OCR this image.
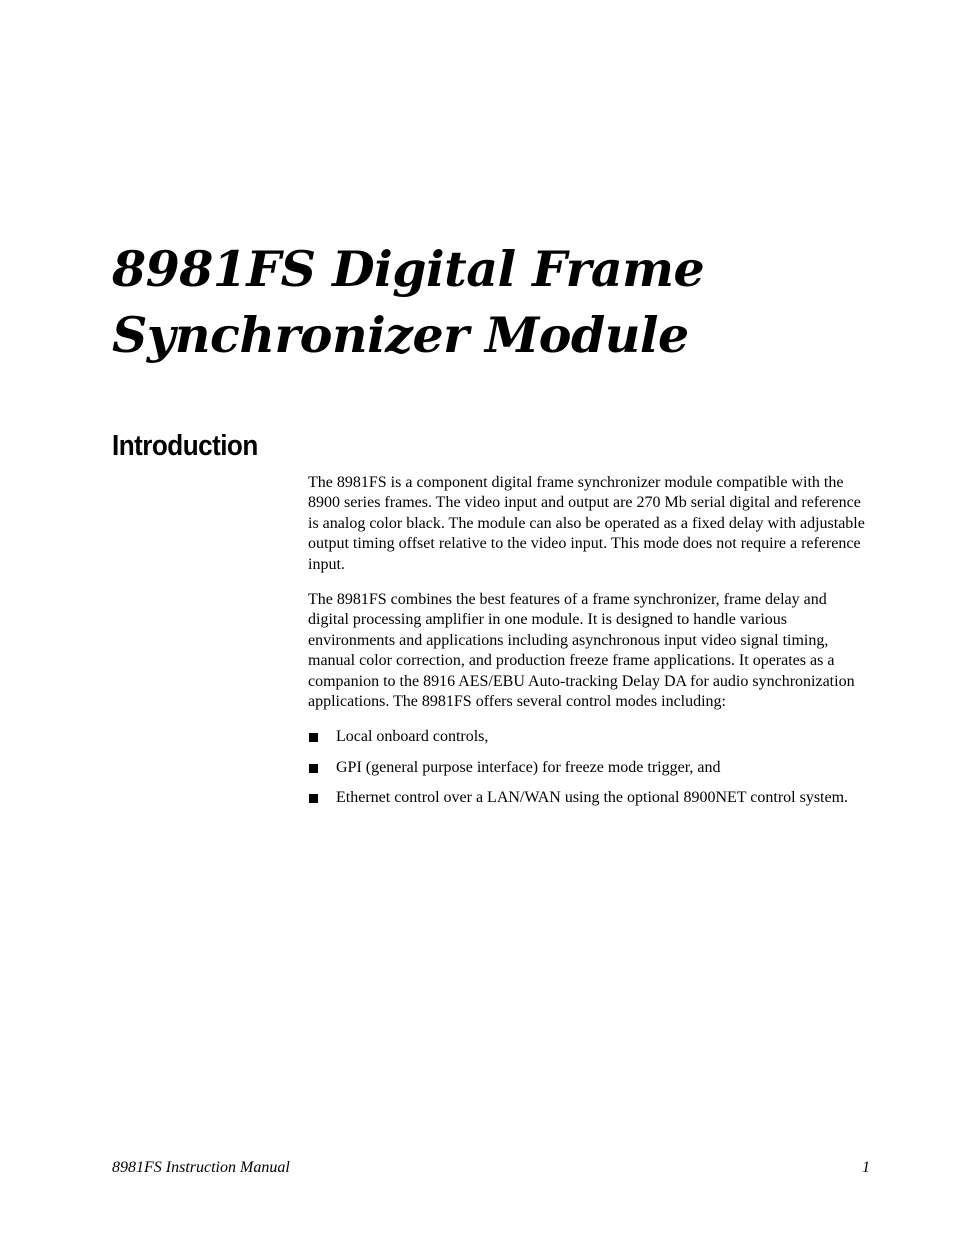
8981FS Digital Frame
Synchronizer Module
Introduction

The 8981FS is a component digital frame synchronizer module compatible with the 8900 series frames. The video input and output are 270 Mb serial digital and reference is analog color black. The module can also be operated as a fixed delay with adjustable output timing offset relative to the video input. This mode does not require a reference input.

The 8981FS combines the best features of a frame synchronizer, frame delay and digital processing amplifier in one module. It is designed to handle various environments and applications including asynchronous input video signal timing, manual color correction, and production freeze frame applications. It operates as a companion to the 8916 AES/EBU Auto-tracking Delay DA for audio synchronization applications. The 8981FS offers several control modes including:

Local onboard controls,
GPI (general purpose interface) for freeze mode trigger, and
Ethernet control over a LAN/WAN using the optional 8900NET control system.
8981FS Instruction Manual	1
